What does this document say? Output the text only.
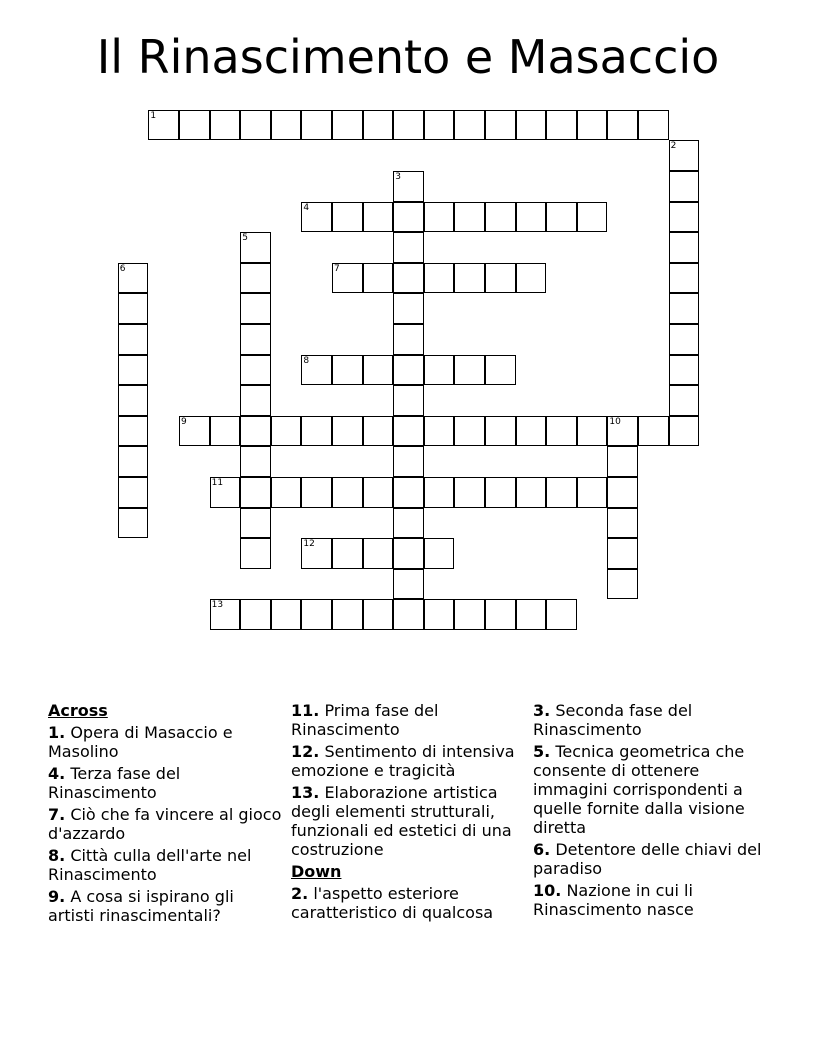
Il Rinascimento e Masaccio
1
2
3
4
5
6	7
8
9	10
11
12
13
Across
1. Opera di Masaccio e Masolino
4. Terza fase del Rinascimento
7. Ciò che fa vincere al gioco d'azzardo
8. Città culla dell'arte nel Rinascimento
9. A cosa si ispirano gli artisti rinascimentali?
11. Prima fase del Rinascimento
12. Sentimento di intensiva emozione e tragicità
13. Elaborazione artistica degli elementi strutturali, funzionali ed estetici di una costruzione
Down
2. l'aspetto esteriore caratteristico di qualcosa
3. Seconda fase del Rinascimento
5. Tecnica geometrica che consente di ottenere immagini corrispondenti a quelle fornite dalla visione diretta
6. Detentore delle chiavi del paradiso
10. Nazione in cui li Rinascimento nasce
